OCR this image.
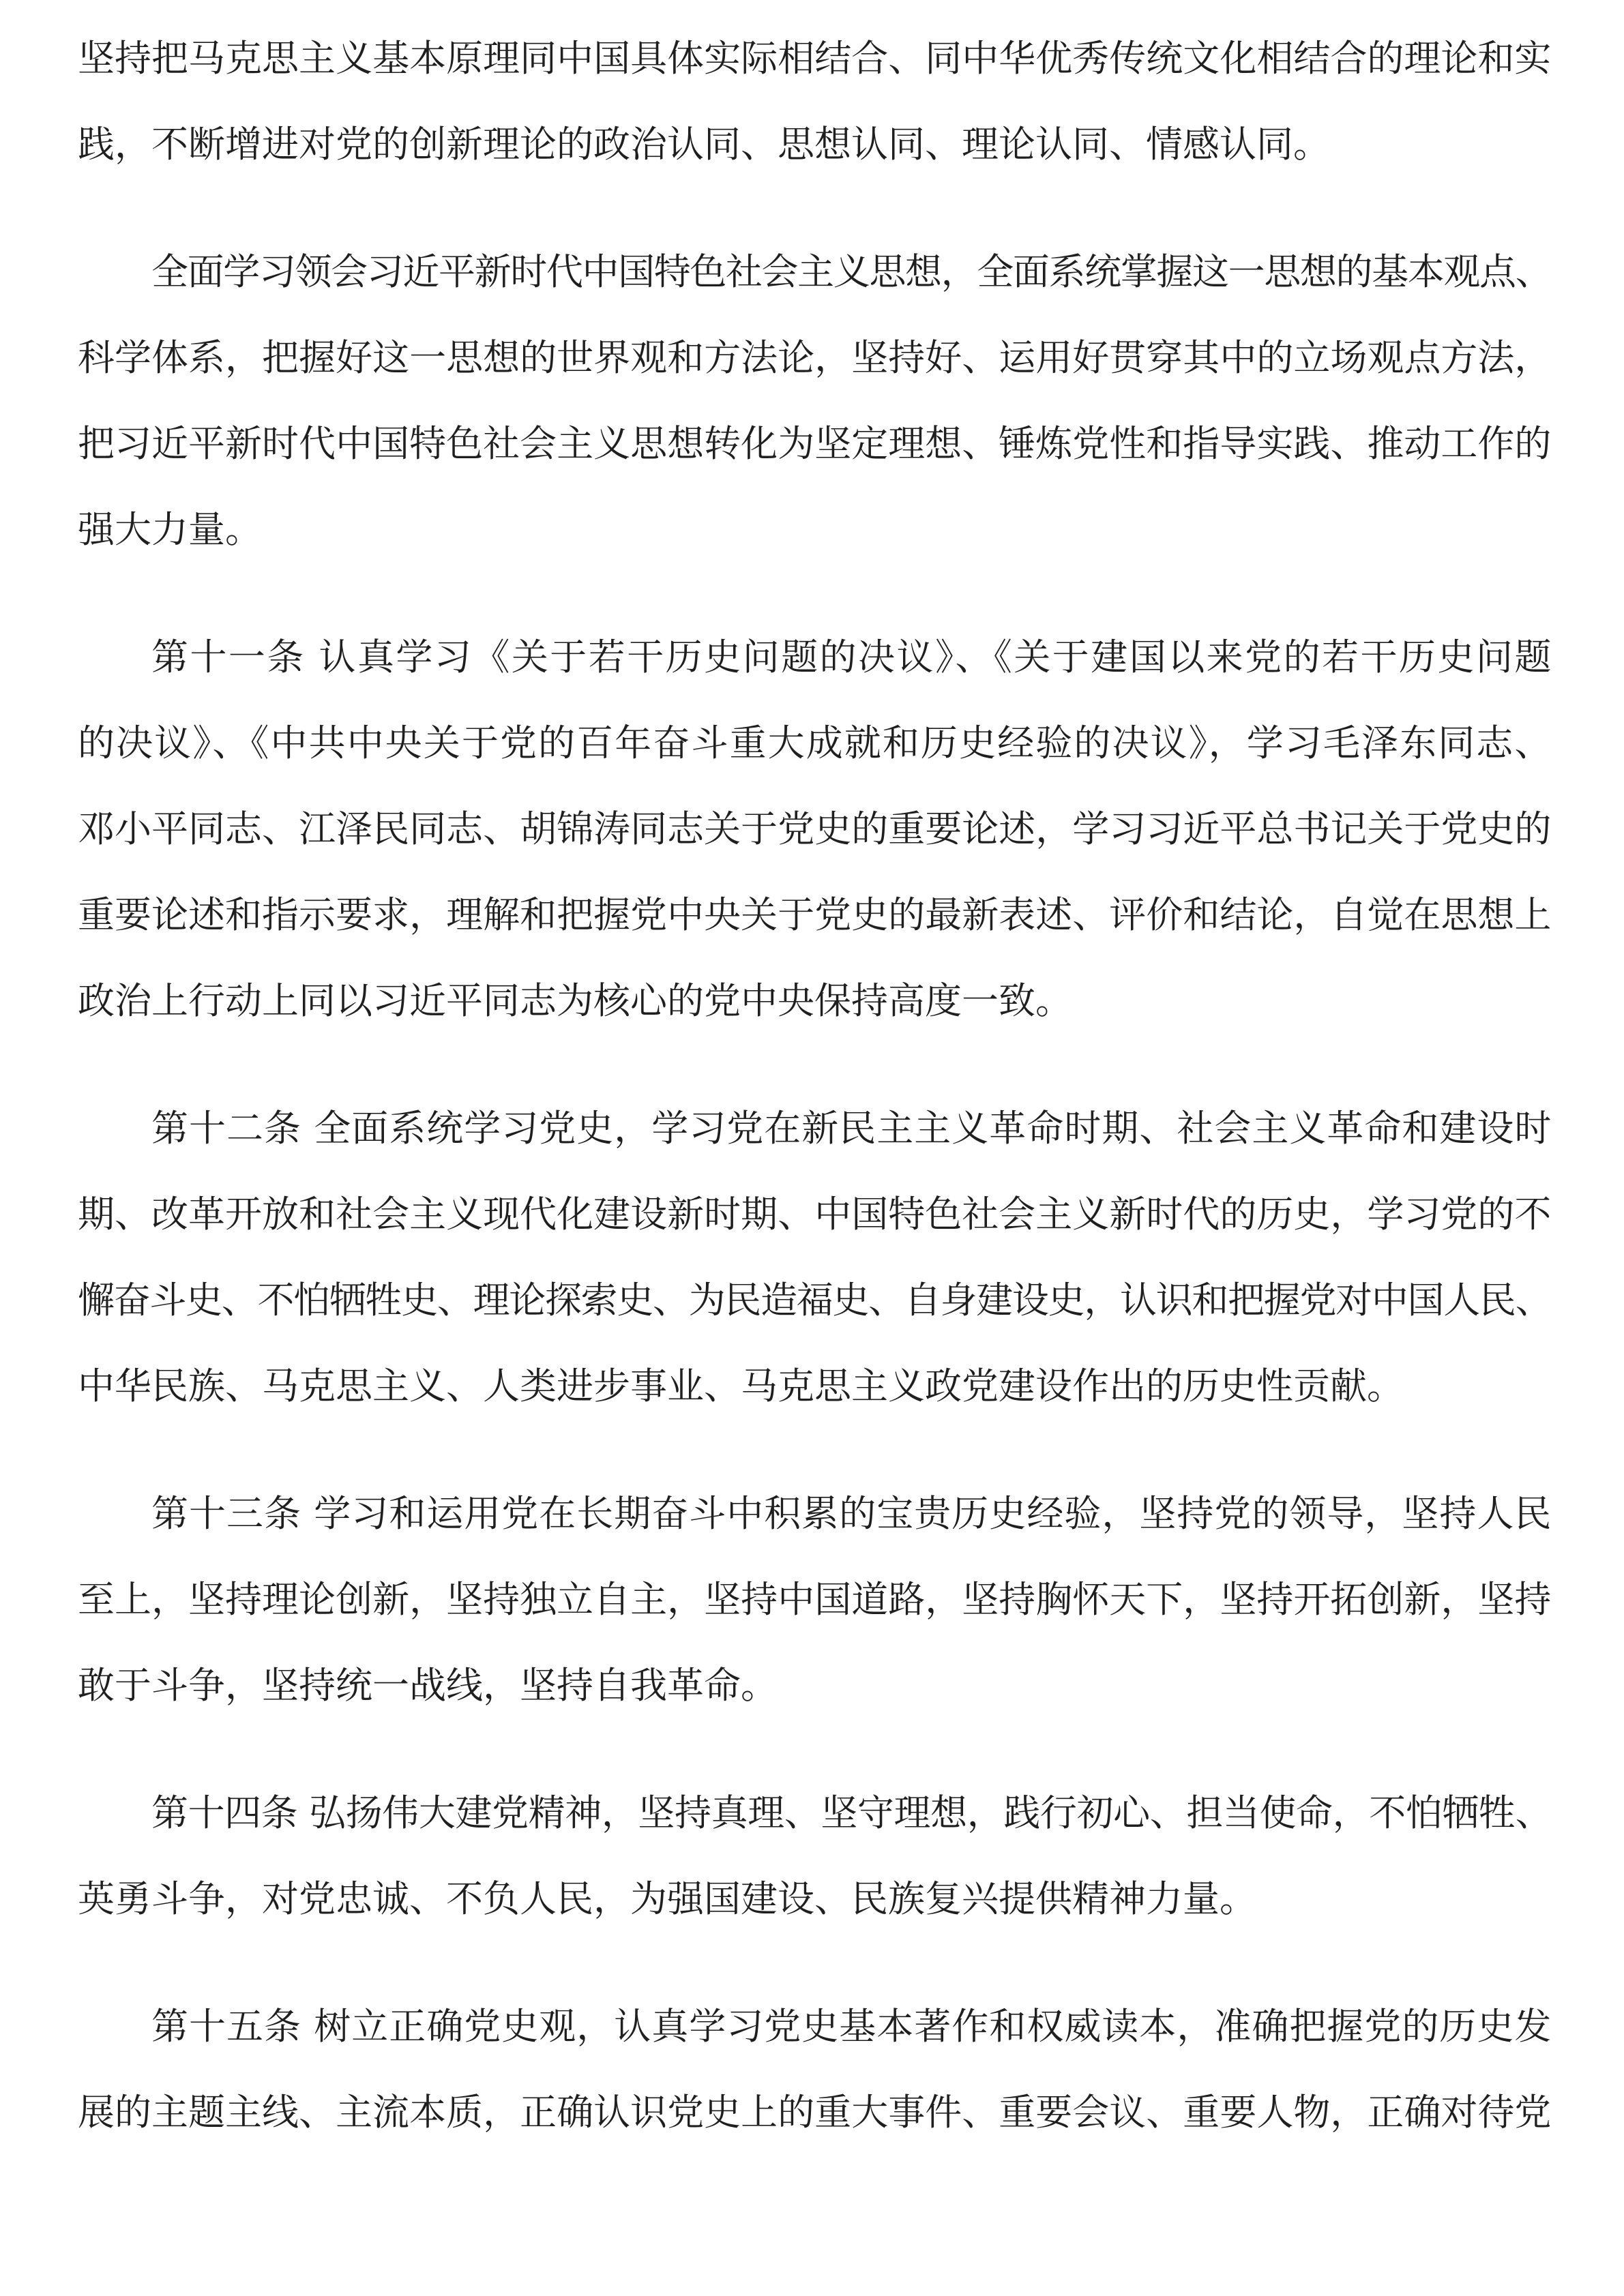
坚持把马克思主义基本原理同中国具体实际相结合、同中华优秀传统文化相结合的理论和实
践，不断增进对党的创新理论的政治认同、思想认同、理论认同、情感认同。
全面学习领会习近平新时代中国特色社会主义思想，全面系统掌握这一思想的基本观点、
科学体系，把握好这一思想的世界观和方法论，坚持好、运用好贯穿其中的立场观点方法，
把习近平新时代中国特色社会主义思想转化为坚定理想、锤炼党性和指导实践、推动工作的
强大力量。
第十一条 认真学习《关于若干历史问题的决议》、《关于建国以来党的若干历史问题
的决议》、《中共中央关于党的百年奋斗重大成就和历史经验的决议》，学习毛泽东同志、
邓小平同志、江泽民同志、胡锦涛同志关于党史的重要论述，学习习近平总书记关于党史的
重要论述和指示要求，理解和把握党中央关于党史的最新表述、评价和结论，自觉在思想上
政治上行动上同以习近平同志为核心的党中央保持高度一致。
第十二条 全面系统学习党史，学习党在新民主主义革命时期、社会主义革命和建设时
期、改革开放和社会主义现代化建设新时期、中国特色社会主义新时代的历史，学习党的不
懈奋斗史、不怕牺牲史、理论探索史、为民造福史、自身建设史，认识和把握党对中国人民、
中华民族、马克思主义、人类进步事业、马克思主义政党建设作出的历史性贡献。
第十三条 学习和运用党在长期奋斗中积累的宝贵历史经验，坚持党的领导，坚持人民
至上，坚持理论创新，坚持独立自主，坚持中国道路，坚持胸怀天下，坚持开拓创新，坚持
敢于斗争，坚持统一战线，坚持自我革命。
第十四条 弘扬伟大建党精神，坚持真理、坚守理想，践行初心、担当使命，不怕牺牲、
英勇斗争，对党忠诚、不负人民，为强国建设、民族复兴提供精神力量。
第十五条 树立正确党史观，认真学习党史基本著作和权威读本，准确把握党的历史发
展的主题主线、主流本质，正确认识党史上的重大事件、重要会议、重要人物，正确对待党
